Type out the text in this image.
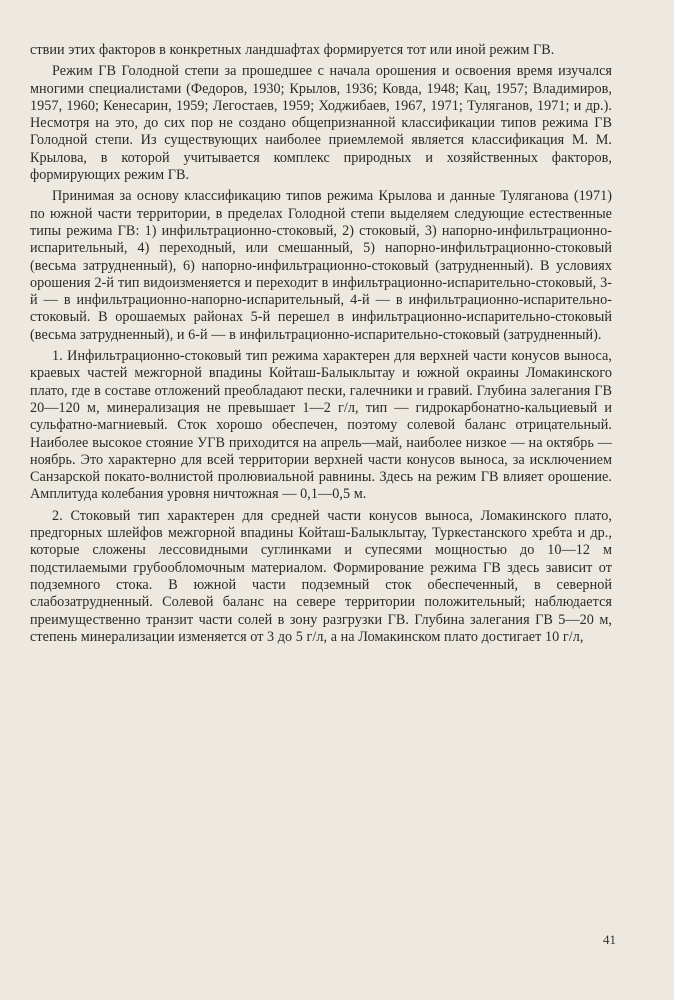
ствии этих факторов в конкретных ландшафтах формируется тот или иной режим ГВ.

Режим ГВ Голодной степи за прошедшее с начала орошения и освоения время изучался многими специалистами (Федоров, 1930; Крылов, 1936; Ковда, 1948; Кац, 1957; Владимиров, 1957, 1960; Кенесарин, 1959; Легостаев, 1959; Ходжибаев, 1967, 1971; Туляганов, 1971; и др.). Несмотря на это, до сих пор не создано общепризнанной классификации типов режима ГВ Голодной степи. Из существующих наиболее приемлемой является классификация М. М. Крылова, в которой учитывается комплекс природных и хозяйственных факторов, формирующих режим ГВ.

Принимая за основу классификацию типов режима Крылова и данные Туляганова (1971) по южной части территории, в пределах Голодной степи выделяем следующие естественные типы режима ГВ: 1) инфильтрационно-стоковый, 2) стоковый, 3) напорно-инфильтрационно-испарительный, 4) переходный, или смешанный, 5) напорно-инфильтрационно-стоковый (весьма затрудненный), 6) напорно-инфильтрационно-стоковый (затрудненный). В условиях орошения 2-й тип видоизменяется и переходит в инфильтрационно-испарительно-стоковый, 3-й — в инфильтрационно-напорно-испарительный, 4-й — в инфильтрационно-испарительно-стоковый. В орошаемых районах 5-й перешел в инфильтрационно-испарительно-стоковый (весьма затрудненный), и 6-й — в инфильтрационно-испарительно-стоковый (затрудненный).

1. Инфильтрационно-стоковый тип режима характерен для верхней части конусов выноса, краевых частей межгорной впадины Койташ-Балыклытау и южной окраины Ломакинского плато, где в составе отложений преобладают пески, галечники и гравий. Глубина залегания ГВ 20—120 м, минерализация не превышает 1—2 г/л, тип — гидрокарбонатно-кальциевый и сульфатно-магниевый. Сток хорошо обеспечен, поэтому солевой баланс отрицательный. Наиболее высокое стояние УГВ приходится на апрель—май, наиболее низкое — на октябрь — ноябрь. Это характерно для всей территории верхней части конусов выноса, за исключением Санзарской покато-волнистой пролювиальной равнины. Здесь на режим ГВ влияет орошение. Амплитуда колебания уровня ничтожная — 0,1—0,5 м.

2. Стоковый тип характерен для средней части конусов выноса, Ломакинского плато, предгорных шлейфов межгорной впадины Койташ-Балыклытау, Туркестанского хребта и др., которые сложены лессовидными суглинками и супесями мощностью до 10—12 м подстилаемыми грубообломочным материалом. Формирование режима ГВ здесь зависит от подземного стока. В южной части подземный сток обеспеченный, в северной слабозатрудненный. Солевой баланс на севере территории положительный; наблюдается преимущественно транзит части солей в зону разгрузки ГВ. Глубина залегания ГВ 5—20 м, степень минерализации изменяется от 3 до 5 г/л, а на Ломакинском плато достигает 10 г/л,

41
